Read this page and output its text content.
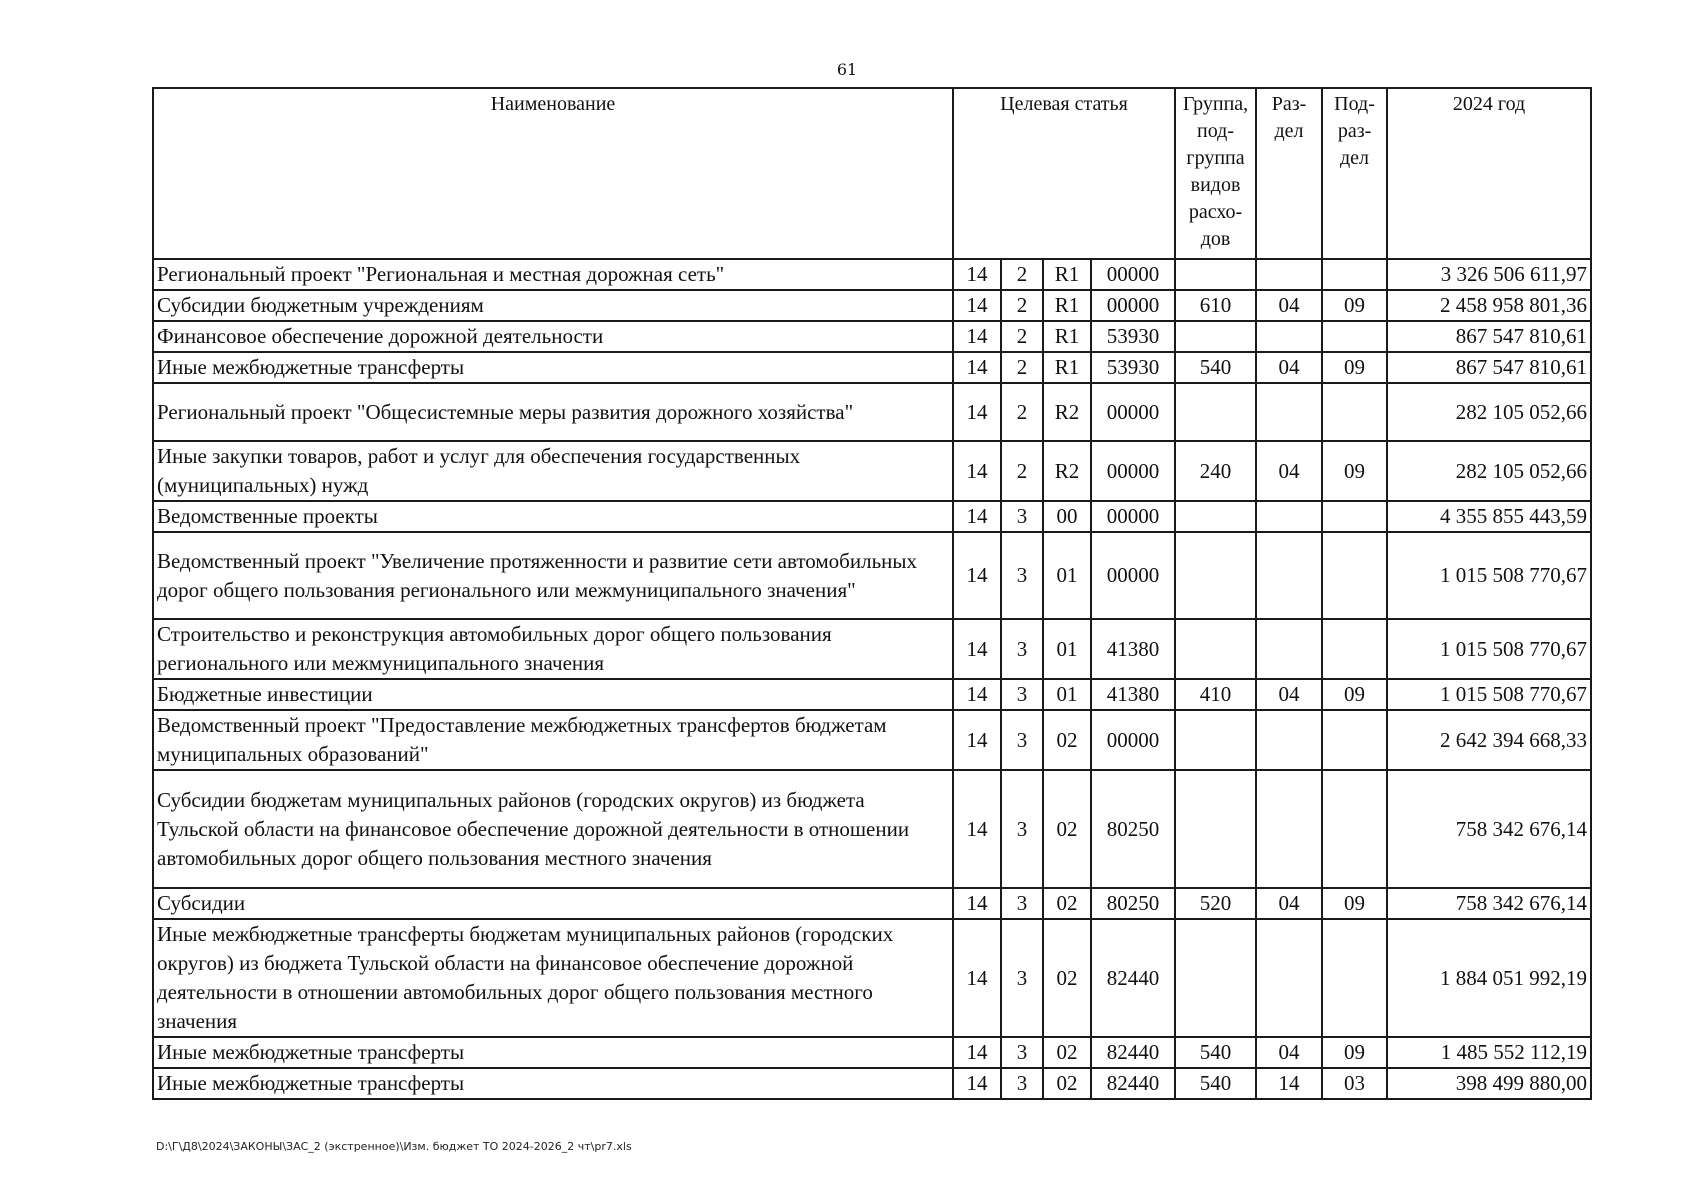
61
Наименование	Целевая статья				Группа, под- группа видов расхо- дов	Раз- дел	Под- раз- дел	2024 год
Региональный проект "Региональная и местная дорожная сеть"	14	2	R1	00000				3 326 506 611,97
Субсидии бюджетным учреждениям	14	2	R1	00000	610	04	09	2 458 958 801,36
Финансовое обеспечение дорожной деятельности	14	2	R1	53930				867 547 810,61
Иные межбюджетные трансферты	14	2	R1	53930	540	04	09	867 547 810,61
Региональный проект "Общесистемные меры развития дорожного хозяйства"	14	2	R2	00000				282 105 052,66
Иные закупки товаров, работ и услуг для обеспечения государственных (муниципальных) нужд	14	2	R2	00000	240	04	09	282 105 052,66
Ведомственные проекты	14	3	00	00000				4 355 855 443,59
Ведомственный проект "Увеличение протяженности и развитие сети автомобильных дорог общего пользования регионального или межмуниципального значения"	14	3	01	00000				1 015 508 770,67
Строительство и реконструкция автомобильных дорог общего пользования регионального или межмуниципального значения	14	3	01	41380				1 015 508 770,67
Бюджетные инвестиции	14	3	01	41380	410	04	09	1 015 508 770,67
Ведомственный проект "Предоставление межбюджетных трансфертов бюджетам муниципальных образований"	14	3	02	00000				2 642 394 668,33
Субсидии бюджетам муниципальных районов (городских округов) из бюджета Тульской области на финансовое обеспечение дорожной деятельности в отношении автомобильных дорог общего пользования местного значения	14	3	02	80250				758 342 676,14
Субсидии	14	3	02	80250	520	04	09	758 342 676,14
Иные межбюджетные трансферты бюджетам муниципальных районов (городских округов) из бюджета Тульской области на финансовое обеспечение дорожной деятельности в отношении автомобильных дорог общего пользования местного значения	14	3	02	82440				1 884 051 992,19
Иные межбюджетные трансферты	14	3	02	82440	540	04	09	1 485 552 112,19
Иные межбюджетные трансферты	14	3	02	82440	540	14	03	398 499 880,00
D:\Г\Д8\2024\ЗАКОНЫ\ЗАС_2 (экстренное)\Изм. бюджет ТО 2024-2026_2 чт\pr7.xls
